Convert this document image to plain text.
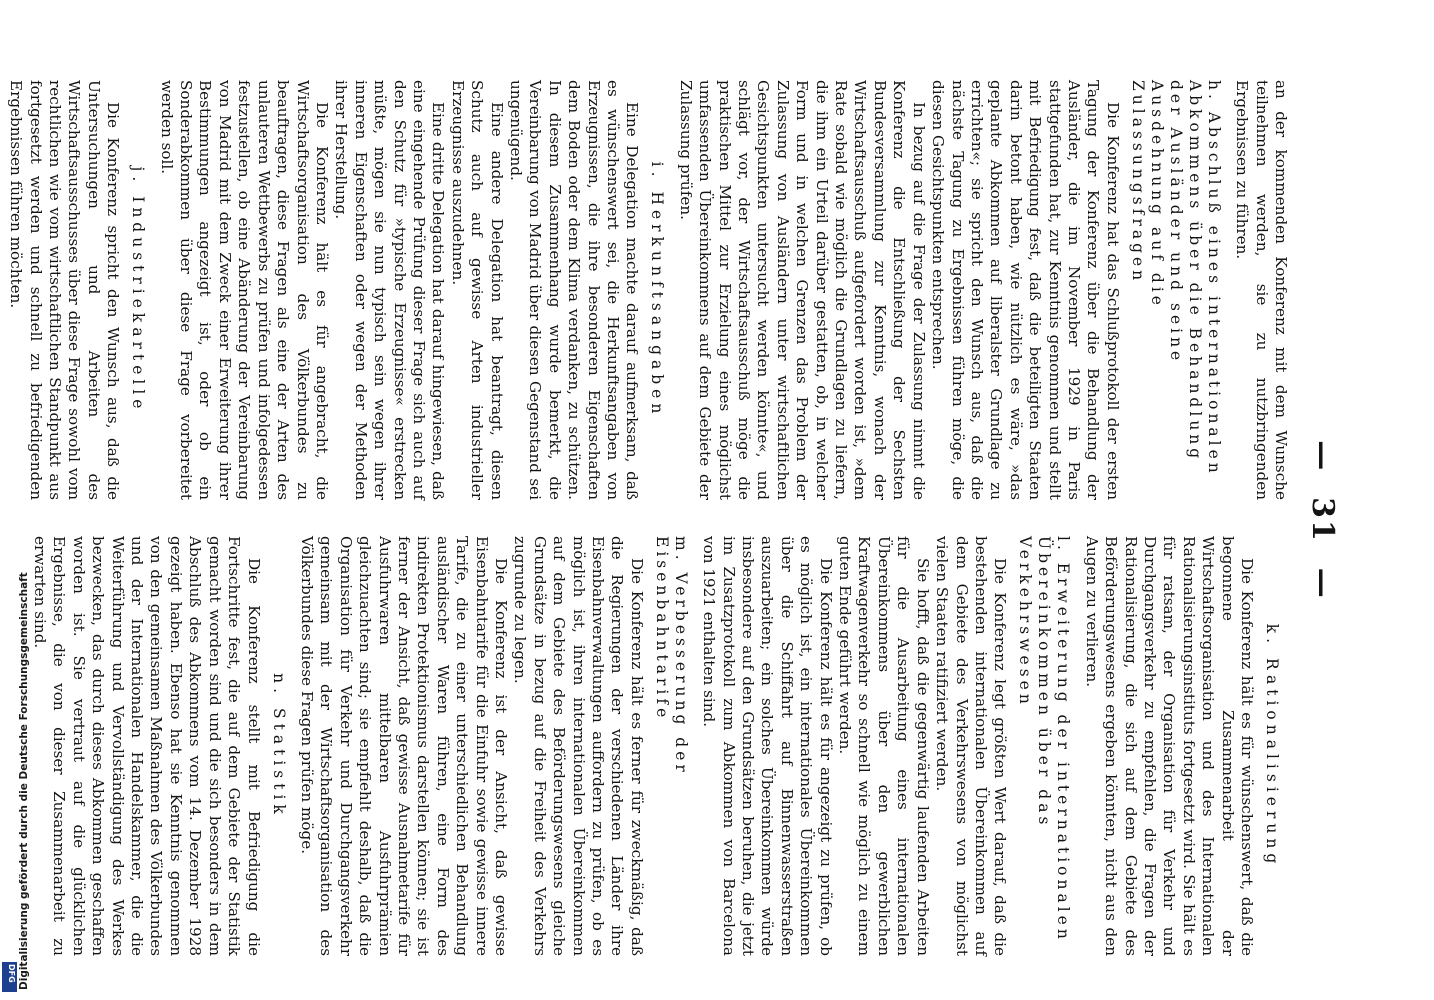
Digitalisierung gefördert durch die Deutsche Forschungsgemeinschaft
DFG
—  31  —

an der kommenden Konferenz mit dem Wunsche teilnehmen werden, sie zu nutzbringenden Ergebnissen zu führen.

h. Abschluß eines internationalen Abkommens über die Behandlung der Ausländer und seine Ausdehnung auf die Zulassungsfragen

Die Konferenz hat das Schlußprotokoll der ersten Tagung der Konferenz über die Behandlung der Ausländer, die im November 1929 in Paris stattgefunden hat, zur Kenntnis genommen und stellt mit Befriedigung fest, daß die beteiligten Staaten darin betont haben, wie nützlich es wäre, »das geplante Abkommen auf liberalster Grundlage zu errichten«; sie spricht den Wunsch aus, daß die nächste Tagung zu Ergebnissen führen möge, die diesen Gesichtspunkten entsprechen.

In bezug auf die Frage der Zulassung nimmt die Konferenz die Entschließung der Sechsten Bundesversammlung zur Kenntnis, wonach der Wirtschaftsausschuß aufgefordert worden ist, »dem Rate sobald wie möglich die Grundlagen zu liefern, die ihm ein Urteil darüber gestatten, ob, in welcher Form und in welchen Grenzen das Problem der Zulassung von Ausländern unter wirtschaftlichen Gesichtspunkten untersucht werden könnte«, und schlägt vor, der Wirtschaftsausschuß möge die praktischen Mittel zur Erzielung eines möglichst umfassenden Übereinkommens auf dem Gebiete der Zulassung prüfen.

i. Herkunftsangaben

Eine Delegation machte darauf aufmerksam, daß es wünschenswert sei, die Herkunftsangaben von Erzeugnissen, die ihre besonderen Eigenschaften dem Boden oder dem Klima verdanken, zu schützen. In diesem Zusammenhang wurde bemerkt, die Vereinbarung von Madrid über diesen Gegenstand sei ungenügend.

Eine andere Delegation hat beantragt, diesen Schutz auch auf gewisse Arten industrieller Erzeugnisse auszudehnen.

Eine dritte Delegation hat darauf hingewiesen, daß eine eingehende Prüfung dieser Frage sich auch auf den Schutz für »typische Erzeugnisse« erstrecken müßte, mögen sie nun typisch sein wegen ihrer inneren Eigenschaften oder wegen der Methoden ihrer Herstellung.

Die Konferenz hält es für angebracht, die Wirtschaftsorganisation des Völkerbundes zu beauftragen, diese Fragen als eine der Arten des unlauteren Wettbewerbs zu prüfen und infolgedessen festzustellen, ob eine Abänderung der Vereinbarung von Madrid mit dem Zweck einer Erweiterung ihrer Bestimmungen angezeigt ist, oder ob ein Sonderabkommen über diese Frage vorbereitet werden soll.

j. Industriekartelle

Die Konferenz spricht den Wunsch aus, daß die Untersuchungen und Arbeiten des Wirtschaftsausschusses über diese Frage sowohl vom rechtlichen wie vom wirtschaftlichen Standpunkt aus fortgesetzt werden und schnell zu befriedigenden Ergebnissen führen möchten.

k. Rationalisierung

Die Konferenz hält es für wünschenswert, daß die begonnene Zusammenarbeit der Wirtschaftsorganisation und des Internationalen Rationalisierungsinstituts fortgesetzt wird. Sie hält es für ratsam, der Organisation für Verkehr und Durchgangsverkehr zu empfehlen, die Fragen der Rationalisierung, die sich auf dem Gebiete des Beförderungswesens ergeben könnten, nicht aus den Augen zu verlieren.

l. Erweiterung der internationalen Übereinkommen über das Verkehrswesen

Die Konferenz legt größten Wert darauf, daß die bestehenden internationalen Übereinkommen auf dem Gebiete des Verkehrswesens von möglichst vielen Staaten ratifiziert werden.

Sie hofft, daß die gegenwärtig laufenden Arbeiten für die Ausarbeitung eines internationalen Übereinkommens über den gewerblichen Kraftwagenverkehr so schnell wie möglich zu einem guten Ende geführt werden.

Die Konferenz hält es für angezeigt zu prüfen, ob es möglich ist, ein internationales Übereinkommen über die Schiffahrt auf Binnenwasserstraßen auszuarbeiten; ein solches Übereinkommen würde insbesondere auf den Grundsätzen beruhen, die jetzt im Zusatzprotokoll zum Abkommen von Barcelona von 1921 enthalten sind.

m. Verbesserung der Eisenbahntarife

Die Konferenz hält es ferner für zweckmäßig, daß die Regierungen der verschiedenen Länder ihre Eisenbahnverwaltungen auffordern zu prüfen, ob es möglich ist, ihren internationalen Übereinkommen auf dem Gebiete des Beförderungswesens gleiche Grundsätze in bezug auf die Freiheit des Verkehrs zugrunde zu legen.

Die Konferenz ist der Ansicht, daß gewisse Eisenbahntarife für die Einfuhr sowie gewisse innere Tarife, die zu einer unterschiedlichen Behandlung ausländischer Waren führen, eine Form des indirekten Protektionismus darstellen können; sie ist ferner der Ansicht, daß gewisse Ausnahmetarife für Ausfuhrwaren mittelbaren Ausfuhrprämien gleichzuachten sind; sie empfiehlt deshalb, daß die Organisation für Verkehr und Durchgangsverkehr gemeinsam mit der Wirtschaftsorganisation des Völkerbundes diese Fragen prüfen möge.

n. Statistik

Die Konferenz stellt mit Befriedigung die Fortschritte fest, die auf dem Gebiete der Statistik gemacht worden sind und die sich besonders in dem Abschluß des Abkommens vom 14. Dezember 1928 gezeigt haben. Ebenso hat sie Kenntnis genommen von den gemeinsamen Maßnahmen des Völkerbundes und der Internationalen Handelskammer, die die Weiterführung und Vervollständigung des Werkes bezwecken, das durch dieses Abkommen geschaffen worden ist. Sie vertraut auf die glücklichen Ergebnisse, die von dieser Zusammenarbeit zu erwarten sind.
